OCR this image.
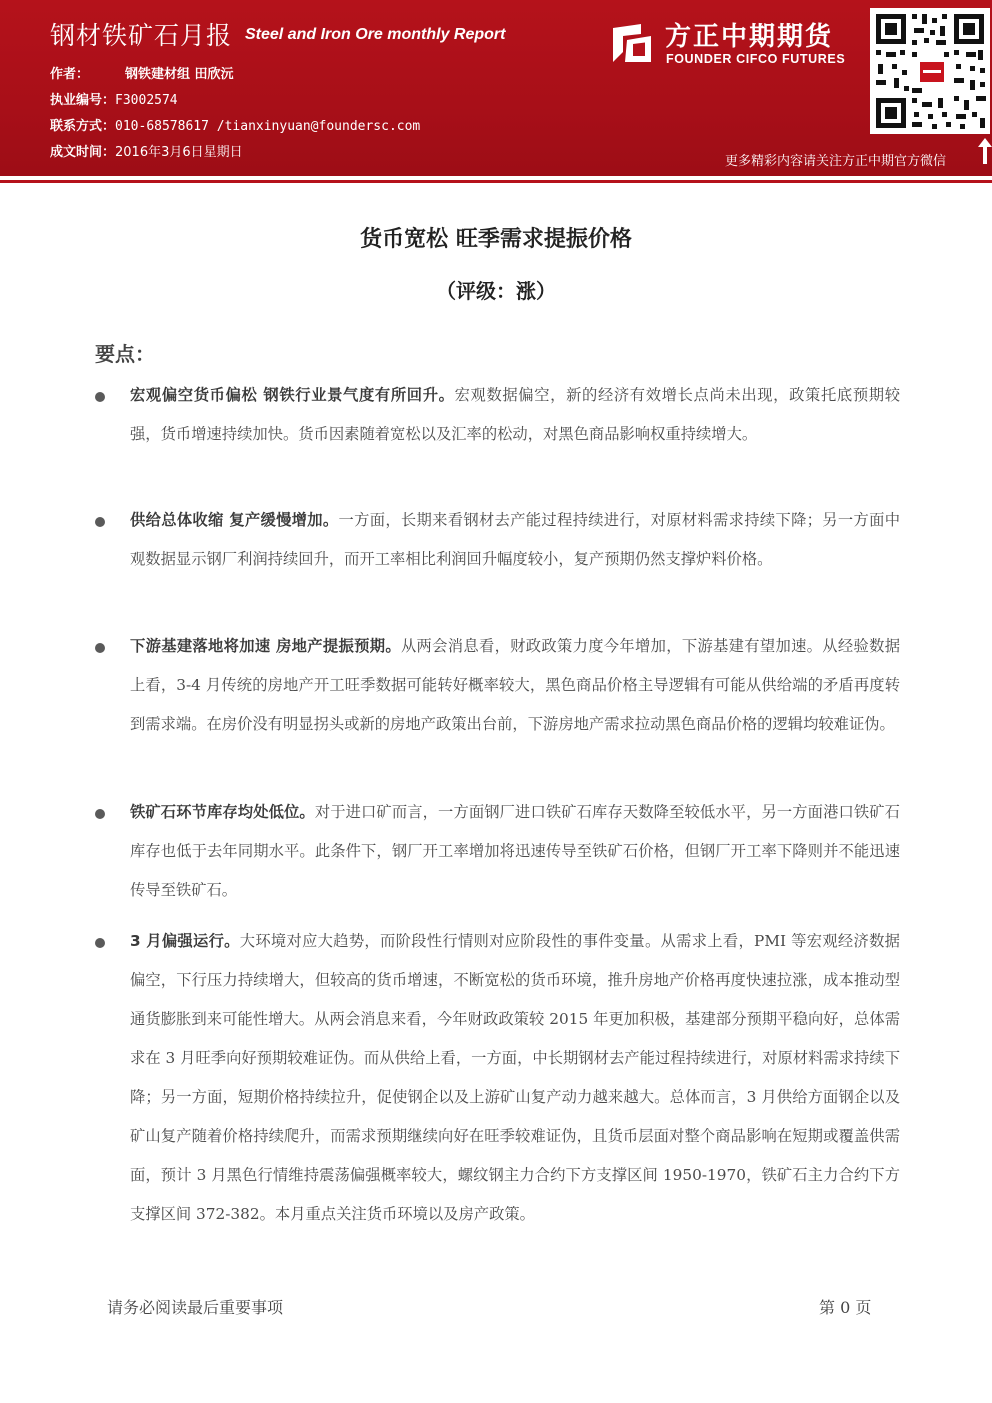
钢材铁矿石月报 Steel and Iron Ore monthly Report
作者：	钢铁建材组 田欣沅
执业编号：F3002574
联系方式：010-68578617 /tianxinyuan@foundersc.com
成文时间：2016年3月6日星期日
方正中期期货
FOUNDER CIFCO FUTURES
更多精彩内容请关注方正中期官方微信
货币宽松 旺季需求提振价格
（评级：涨）
要点：
宏观偏空货币偏松 钢铁行业景气度有所回升。宏观数据偏空，新的经济有效增长点尚未出现，政策托底预期较强，货币增速持续加快。货币因素随着宽松以及汇率的松动，对黑色商品影响权重持续增大。
供给总体收缩 复产缓慢增加。一方面，长期来看钢材去产能过程持续进行，对原材料需求持续下降；另一方面中观数据显示钢厂利润持续回升，而开工率相比利润回升幅度较小，复产预期仍然支撑炉料价格。
下游基建落地将加速 房地产提振预期。从两会消息看，财政政策力度今年增加，下游基建有望加速。从经验数据上看，3-4 月传统的房地产开工旺季数据可能转好概率较大，黑色商品价格主导逻辑有可能从供给端的矛盾再度转到需求端。在房价没有明显拐头或新的房地产政策出台前，下游房地产需求拉动黑色商品价格的逻辑均较难证伪。
铁矿石环节库存均处低位。对于进口矿而言，一方面钢厂进口铁矿石库存天数降至较低水平，另一方面港口铁矿石库存也低于去年同期水平。此条件下，钢厂开工率增加将迅速传导至铁矿石价格，但钢厂开工率下降则并不能迅速传导至铁矿石。
3 月偏强运行。大环境对应大趋势，而阶段性行情则对应阶段性的事件变量。从需求上看，PMI 等宏观经济数据偏空，下行压力持续增大，但较高的货币增速，不断宽松的货币环境，推升房地产价格再度快速拉涨，成本推动型通货膨胀到来可能性增大。从两会消息来看，今年财政政策较 2015 年更加积极，基建部分预期平稳向好，总体需求在 3 月旺季向好预期较难证伪。而从供给上看，一方面，中长期钢材去产能过程持续进行，对原材料需求持续下降；另一方面，短期价格持续拉升，促使钢企以及上游矿山复产动力越来越大。总体而言，3 月供给方面钢企以及矿山复产随着价格持续爬升，而需求预期继续向好在旺季较难证伪，且货币层面对整个商品影响在短期或覆盖供需面，预计 3 月黑色行情维持震荡偏强概率较大，螺纹钢主力合约下方支撑区间 1950-1970，铁矿石主力合约下方支撑区间 372-382。本月重点关注货币环境以及房产政策。
请务必阅读最后重要事项	第 0 页
